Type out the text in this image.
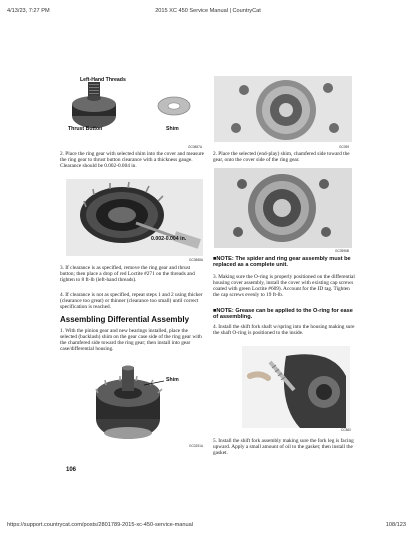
4/13/23, 7:27 PM	2015 XC 450 Service Manual | CountryCat
Left-Hand Threads
Thrust Button	Shim
GC0887A
2. Place the ring gear with selected shim into the cover and measure the ring gear to thrust button clearance with a thickness gauge. Clearance should be 0.002-0.004 in.
0.002-0.004 in.
GC0888A
3. If clearance is as specified, remove the ring gear and thrust button; then place a drop of red Loctite #271 on the threads and tighten to 8 ft-lb (left-hand threads).
4. If clearance is not as specified, repeat steps 1 and 2 using thicker (clearance too great) or thinner (clearance too small) until correct specification is reached.
Assembling Differential Assembly
1. With the pinion gear and new bearings installed, place the selected (backlash) shim on the gear case side of the ring gear with the chamfered side toward the ring gear; then install into gear case/differential housing.
Shim
GC0251A
106
GC059
2. Place the selected (end-play) shim, chamfered side toward the gear, onto the cover side of the ring gear.
GC0596B
■NOTE: The spider and ring gear assembly must be replaced as a complete unit.
3. Making sure the O-ring is properly positioned on the differential housing cover assembly, install the cover with existing cap screws coated with green Loctite #609). Account for the ID tag. Tighten the cap screws evenly to 19 ft-lb.
■NOTE: Grease can be applied to the O-ring for ease of assembling.
4. Install the shift fork shaft w/spring into the housing making sure the shaft O-ring is positioned to the inside.
CC860
5. Install the shift fork assembly making sure the fork leg is facing upward. Apply a small amount of oil to the gasket; then install the gasket.
https://support.countrycat.com/posts/2801789-2015-xc-450-service-manual	108/123
